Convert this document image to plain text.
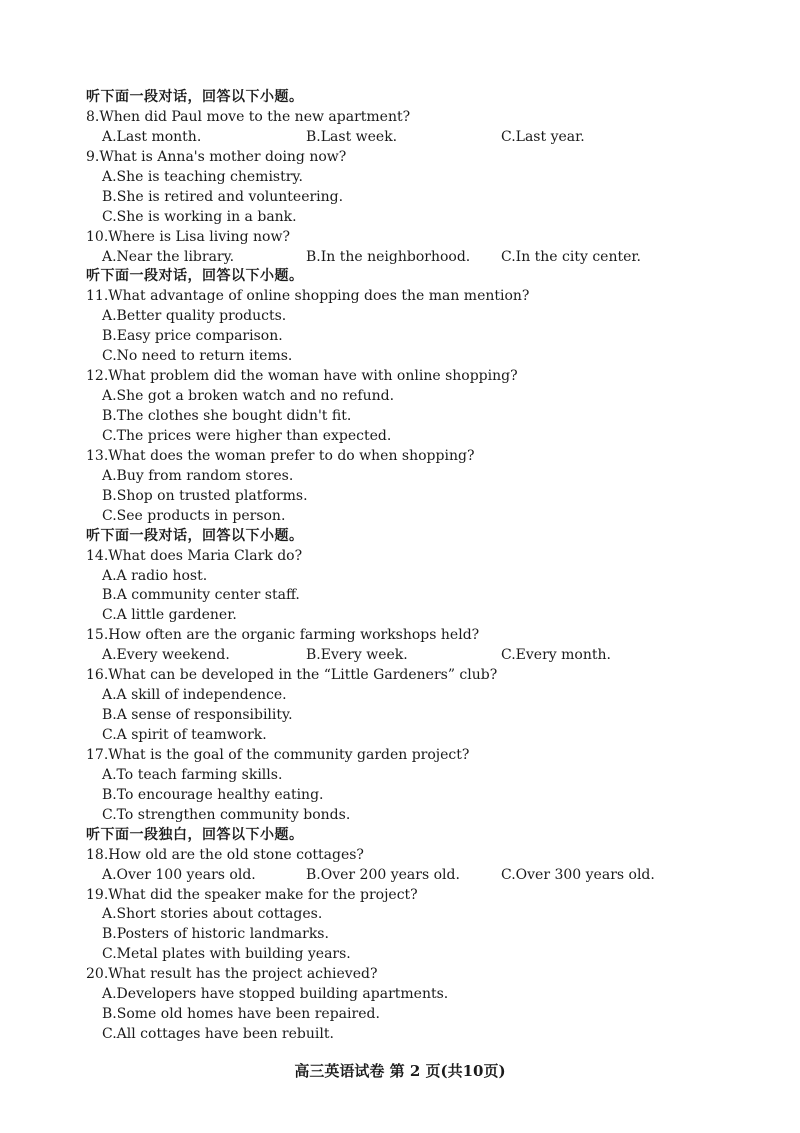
听下面一段对话，回答以下小题。
8.When did Paul move to the new apartment?
A.Last month.	B.Last week.	C.Last year.
9.What is Anna's mother doing now?
A.She is teaching chemistry.
B.She is retired and volunteering.
C.She is working in a bank.
10.Where is Lisa living now?
A.Near the library.	B.In the neighborhood. C.In the city center.
听下面一段对话，回答以下小题。
11.What advantage of online shopping does the man mention?
A.Better quality products.
B.Easy price comparison.
C.No need to return items.
12.What problem did the woman have with online shopping?
A.She got a broken watch and no refund.
B.The clothes she bought didn't fit.
C.The prices were higher than expected.
13.What does the woman prefer to do when shopping?
A.Buy from random stores.
B.Shop on trusted platforms.
C.See products in person.
听下面一段对话，回答以下小题。
14.What does Maria Clark do?
A.A radio host.
B.A community center staff.
C.A little gardener.
15.How often are the organic farming workshops held?
A.Every weekend.	B.Every week.	C.Every month.
16.What can be developed in the “Little Gardeners” club?
A.A skill of independence.
B.A sense of responsibility.
C.A spirit of teamwork.
17.What is the goal of the community garden project?
A.To teach farming skills.
B.To encourage healthy eating.
C.To strengthen community bonds.
听下面一段独白，回答以下小题。
18.How old are the old stone cottages?
A.Over 100 years old.	B.Over 200 years old.	C.Over 300 years old.
19.What did the speaker make for the project?
A.Short stories about cottages.
B.Posters of historic landmarks.
C.Metal plates with building years.
20.What result has the project achieved?
A.Developers have stopped building apartments.
B.Some old homes have been repaired.
C.All cottages have been rebuilt.
高三英语试卷 第 2 页(共10页)
